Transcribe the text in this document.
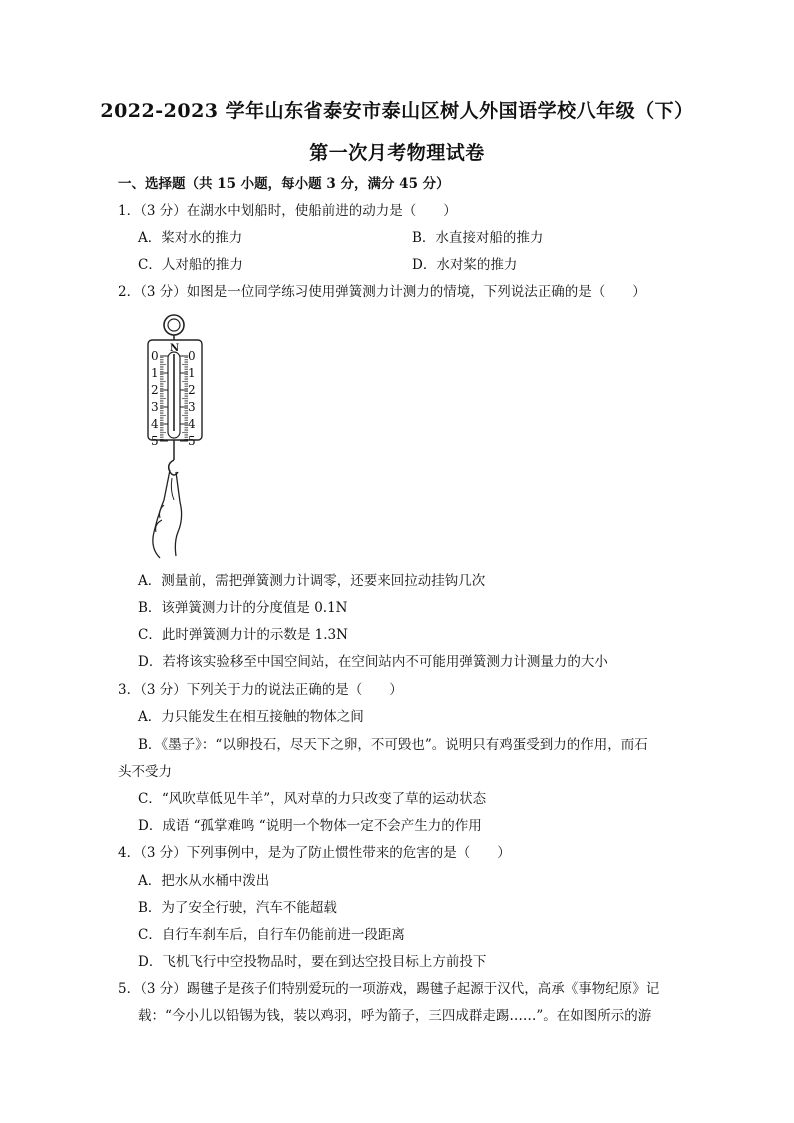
2022-2023 学年山东省泰安市泰山区树人外国语学校八年级（下）
第一次月考物理试卷
一、选择题（共 15 小题，每小题 3 分，满分 45 分）
1．（3 分）在湖水中划船时，使船前进的动力是（　　）
A．桨对水的推力	B．水直接对船的推力
C．人对船的推力	D．水对桨的推力
2．（3 分）如图是一位同学练习使用弹簧测力计测力的情境，下列说法正确的是（　　）
N
0
1
2
3
4
5
0
1
2
3
4
5
A．测量前，需把弹簧测力计调零，还要来回拉动挂钩几次
B．该弹簧测力计的分度值是 0.1N
C．此时弹簧测力计的示数是 1.3N
D．若将该实验移至中国空间站，在空间站内不可能用弹簧测力计测量力的大小
3．（3 分）下列关于力的说法正确的是（　　）
A．力只能发生在相互接触的物体之间
B．《墨子》：“以卵投石，尽天下之卵，不可毁也”。说明只有鸡蛋受到力的作用，而石
头不受力
C．“风吹草低见牛羊”，风对草的力只改变了草的运动状态
D．成语 “孤掌难鸣 “说明一个物体一定不会产生力的作用
4．（3 分）下列事例中，是为了防止惯性带来的危害的是（　　）
A．把水从水桶中泼出
B．为了安全行驶，汽车不能超载
C．自行车刹车后，自行车仍能前进一段距离
D．飞机飞行中空投物品时，要在到达空投目标上方前投下
5．（3 分）踢毽子是孩子们特别爱玩的一项游戏，踢毽子起源于汉代，高承《事物纪原》记
载：“今小儿以铅锡为钱，装以鸡羽，呼为箭子，三四成群走踢……”。在如图所示的游
